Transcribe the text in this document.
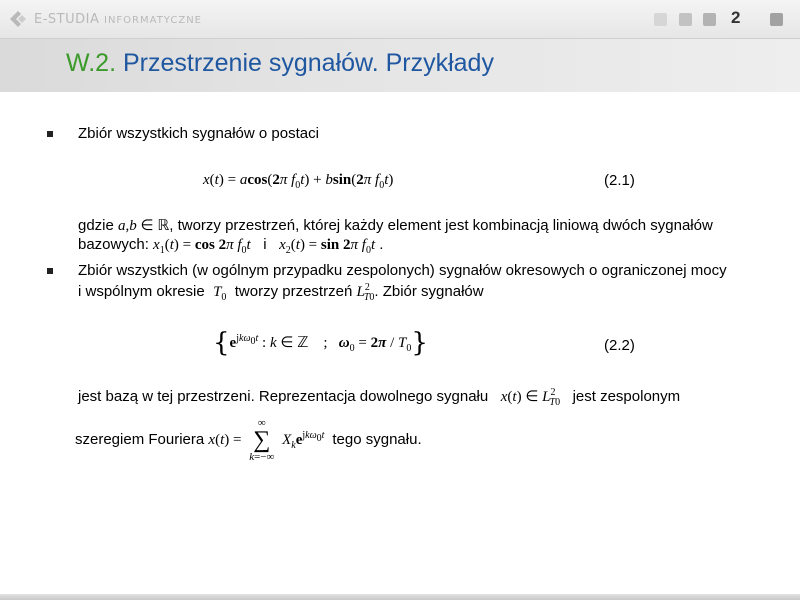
E-STUDIA INFORMATYCZNE	2
W.2. Przestrzenie sygnałów. Przykłady
Zbiór wszystkich sygnałów o postaci
x(t) = acos(2π $f_0t) + bsin(2\pi$ $f_0t$)	(2.1)
gdzie a,b ∈ ℝ, tworzy przestrzeń, której każdy element jest kombinacją liniową dwóch sygnałów
bazowych: $x_1(t) = \cos 2\pi$ $f_0t$ i $x_2(t) = \sin 2\pi$ $f_0t$ .
Zbiór wszystkich (w ogólnym przypadku zespolonych) sygnałów okresowych o ograniczonej mocy
i wspólnym okresie $T_0$ tworzy przestrzeń $L^2_{T0}$. Zbiór sygnałów
{$e^{jk\omega_0t}$ : k ∈ ℤ    ;   $\omega_0 = 2\pi / T_0$}	(2.2)
jest bazą w tej przestrzeni. Reprezentacja dowolnego sygnału x(t) ∈ $L^2_{T0}$ jest zespolonym
szeregiem Fouriera x(t) =
∞
∑
k=−∞
$X_ke^{jk\omega_0t}$ tego sygnału.
